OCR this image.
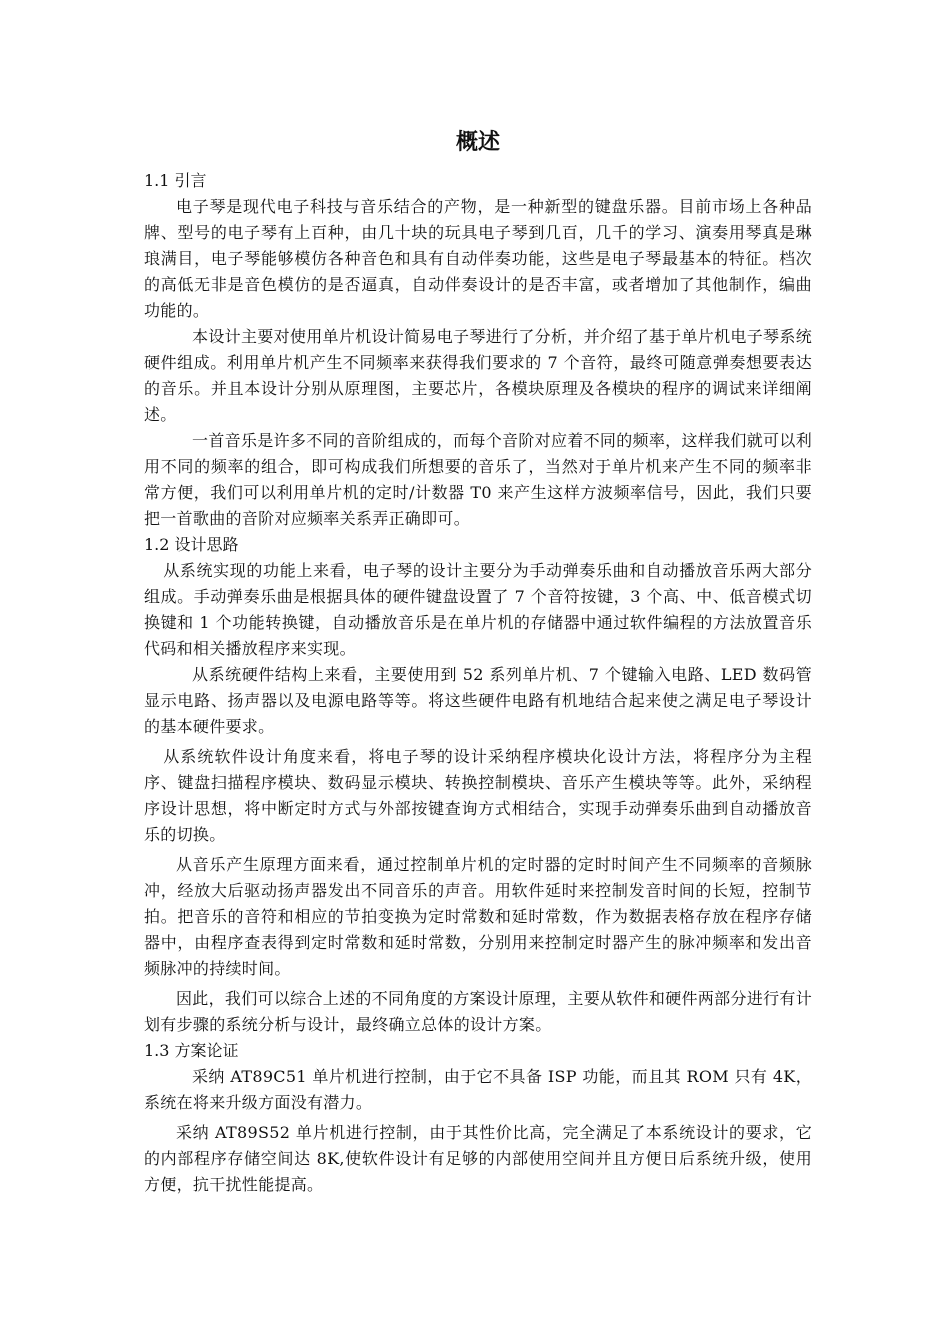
概述
1.1 引言

电子琴是现代电子科技与音乐结合的产物，是一种新型的键盘乐器。目前市场上各种品牌、型号的电子琴有上百种，由几十块的玩具电子琴到几百，几千的学习、演奏用琴真是琳琅满目，电子琴能够模仿各种音色和具有自动伴奏功能，这些是电子琴最基本的特征。档次的高低无非是音色模仿的是否逼真，自动伴奏设计的是否丰富，或者增加了其他制作，编曲功能的。

本设计主要对使用单片机设计简易电子琴进行了分析，并介绍了基于单片机电子琴系统硬件组成。利用单片机产生不同频率来获得我们要求的 7 个音符，最终可随意弹奏想要表达的音乐。并且本设计分别从原理图，主要芯片，各模块原理及各模块的程序的调试来详细阐述。

一首音乐是许多不同的音阶组成的，而每个音阶对应着不同的频率，这样我们就可以利用不同的频率的组合，即可构成我们所想要的音乐了，当然对于单片机来产生不同的频率非常方便，我们可以利用单片机的定时/计数器 T0 来产生这样方波频率信号，因此，我们只要把一首歌曲的音阶对应频率关系弄正确即可。

1.2 设计思路

从系统实现的功能上来看，电子琴的设计主要分为手动弹奏乐曲和自动播放音乐两大部分组成。手动弹奏乐曲是根据具体的硬件键盘设置了 7 个音符按键，3 个高、中、低音模式切换键和 1 个功能转换键，自动播放音乐是在单片机的存储器中通过软件编程的方法放置音乐代码和相关播放程序来实现。

从系统硬件结构上来看，主要使用到 52 系列单片机、7 个键输入电路、LED 数码管显示电路、扬声器以及电源电路等等。将这些硬件电路有机地结合起来使之满足电子琴设计的基本硬件要求。

从系统软件设计角度来看，将电子琴的设计采纳程序模块化设计方法，将程序分为主程序、键盘扫描程序模块、数码显示模块、转换控制模块、音乐产生模块等等。此外，采纳程序设计思想，将中断定时方式与外部按键查询方式相结合，实现手动弹奏乐曲到自动播放音乐的切换。

从音乐产生原理方面来看，通过控制单片机的定时器的定时时间产生不同频率的音频脉冲，经放大后驱动扬声器发出不同音乐的声音。用软件延时来控制发音时间的长短，控制节拍。把音乐的音符和相应的节拍变换为定时常数和延时常数，作为数据表格存放在程序存储器中，由程序查表得到定时常数和延时常数，分别用来控制定时器产生的脉冲频率和发出音频脉冲的持续时间。

因此，我们可以综合上述的不同角度的方案设计原理，主要从软件和硬件两部分进行有计划有步骤的系统分析与设计，最终确立总体的设计方案。

1.3 方案论证

采纳 AT89C51 单片机进行控制，由于它不具备 ISP 功能，而且其 ROM 只有 4K，系统在将来升级方面没有潜力。

采纳 AT89S52 单片机进行控制，由于其性价比高，完全满足了本系统设计的要求，它的内部程序存储空间达 8K,使软件设计有足够的内部使用空间并且方便日后系统升级，使用方便，抗干扰性能提高。
